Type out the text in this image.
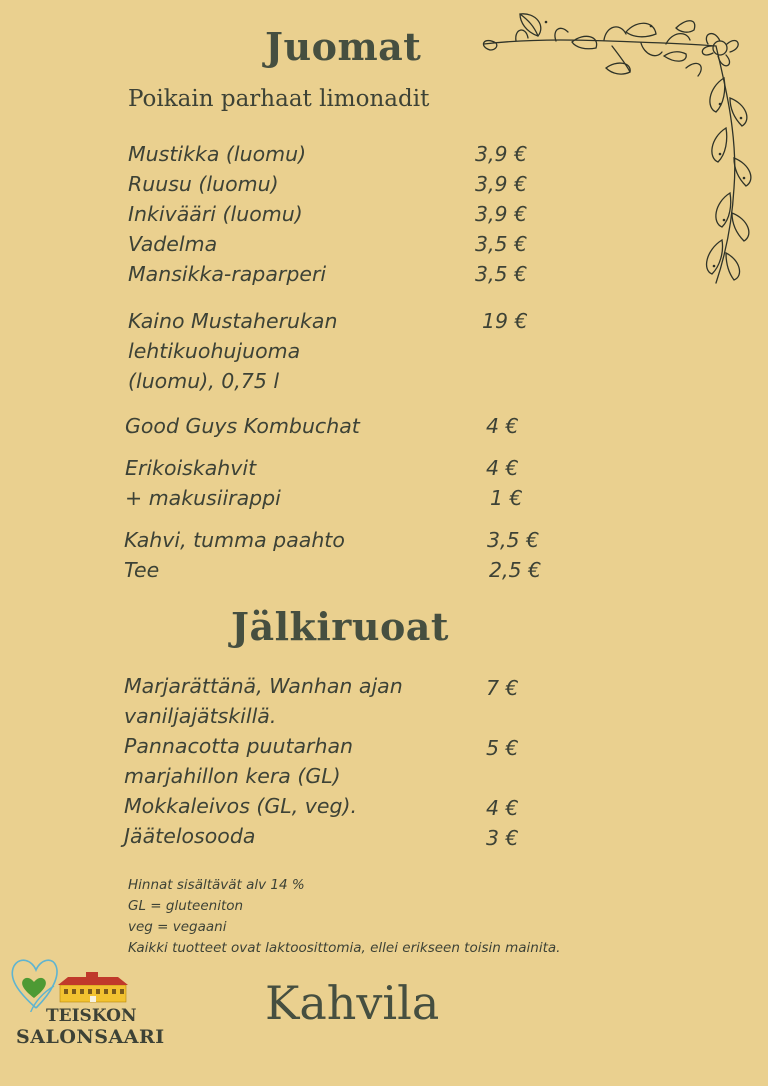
Juomat
Poikain parhaat limonadit
Mustikka (luomu)	3,9 €
Ruusu (luomu)	3,9 €
Inkivääri (luomu)	3,9 €
Vadelma	3,5 €
Mansikka-raparperi	3,5 €
Kaino Mustaherukan
lehtikuohujuoma
(luomu), 0,75 l
19 €
Good Guys Kombuchat	4 €
Erikoiskahvit	4 €
+ makusiirappi	1 €
Kahvi, tumma paahto	3,5 €
Tee	2,5 €
Jälkiruoat
Marjarättänä, Wanhan ajan
vaniljajätskillä.
7 €
Pannacotta puutarhan
marjahillon kera (GL)
5 €
Mokkaleivos (GL, veg).	4 €
Jäätelosooda	3 €
Hinnat sisältävät alv 14 %
GL = gluteeniton
veg = vegaani
Kaikki tuotteet ovat laktoosittomia, ellei erikseen toisin mainita.
TEISKON
SALONSAARI
Kahvila
